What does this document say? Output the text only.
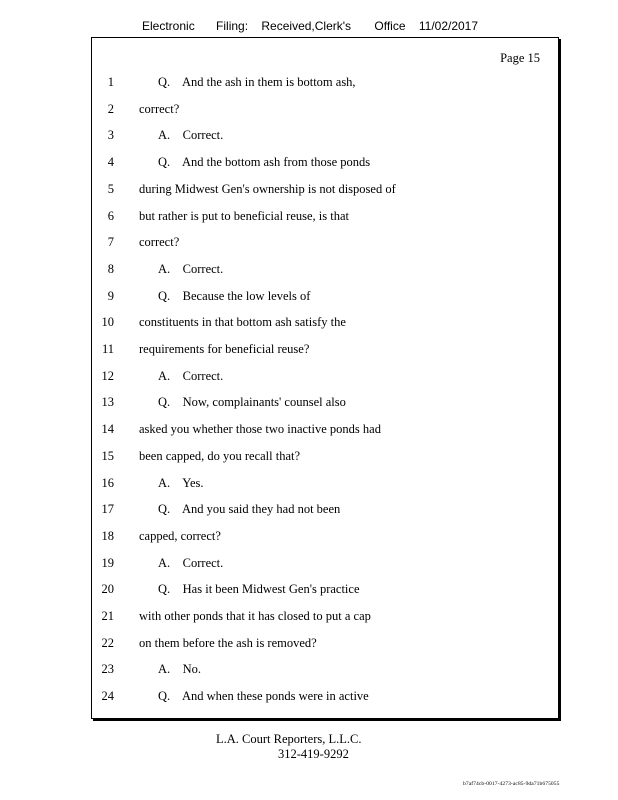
Electronic Filing: Received,Clerk's Office 11/02/2017
Page 15
1	Q.    And the ash in them is bottom ash,
2 correct?
3	A.    Correct.
4	Q.    And the bottom ash from those ponds
5 during Midwest Gen's ownership is not disposed of
6 but rather is put to beneficial reuse, is that
7 correct?
8	A.    Correct.
9	Q.    Because the low levels of
10 constituents in that bottom ash satisfy the
11 requirements for beneficial reuse?
12	A.    Correct.
13	Q.    Now, complainants' counsel also
14 asked you whether those two inactive ponds had
15 been capped, do you recall that?
16	A.    Yes.
17	Q.    And you said they had not been
18 capped, correct?
19	A.    Correct.
20	Q.    Has it been Midwest Gen's practice
21 with other ponds that it has closed to put a cap
22 on them before the ash is removed?
23	A.    No.
24	Q.    And when these ponds were in active
L.A. Court Reporters, L.L.C.
312-419-9292
b7af74cb-0017-4273-ac85-9da71b675055
